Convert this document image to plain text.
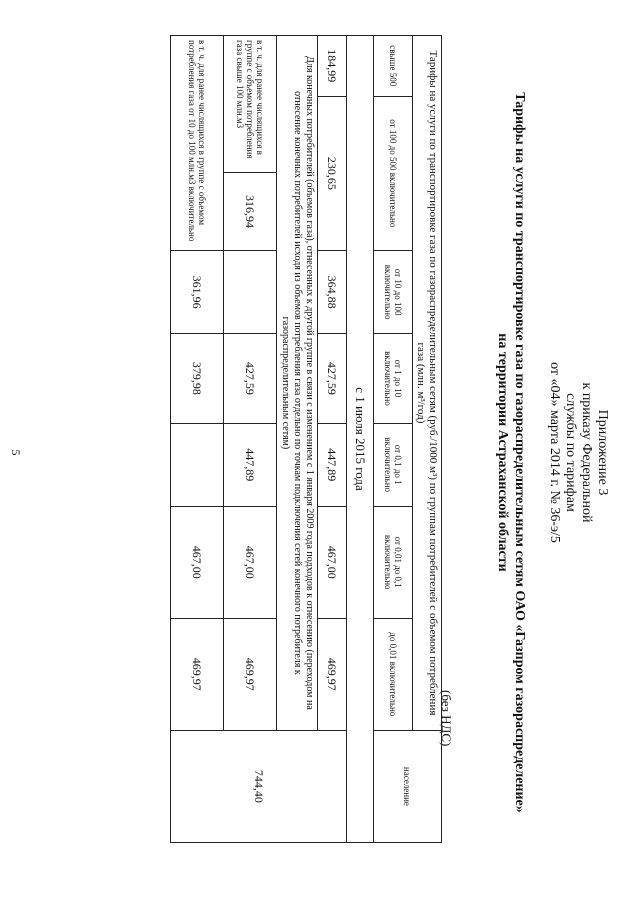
Приложение 3
к приказу Федеральной
службы по тарифам
от «04» марта 2014 г. № 36-э/5
Тарифы на услуги по транспортировке газа по газораспределительным сетям ОАО «Газпром газораспределение»
на территории Астраханской области
(без НДС)
Тарифы на услуги по транспортировке газа по газораспределительным сетям (руб./1000 м³) по группам потребителей с объемом потребления газа (млн. м³/год)								население
свыше 500	от 100 до 500 включительно		от 10 до 100 включительно	от 1 до 10 включительно	от 0,1 до 1 включительно	от 0,01 до 0,1 включительно	до 0,01 включительно	
с 1 июля 2015 года								
184,99	230,65		364,88	427,59	447,89	467,00	469,97	744,40
Для конечных потребителей (объемов газа), отнесенных к другой группе в связи с изменением с 1 января 2009 года подходов к отнесению (переходом на отнесение конечных потребителей исходя из объемов потребления газа отдельно по точкам подключения сетей конечного потребителя к газораспределительным сетям)								
в т. ч. для ранее числящихся в группе с объемом потребления газа свыше 100 млн.м3		316,94		427,59	447,89	467,00	469,97	
в т. ч. для ранее числящихся в группе с объемом потребления газа от 10 до 100 млн.м3 включительно			361,96	379,98		467,00	469,97	
5
